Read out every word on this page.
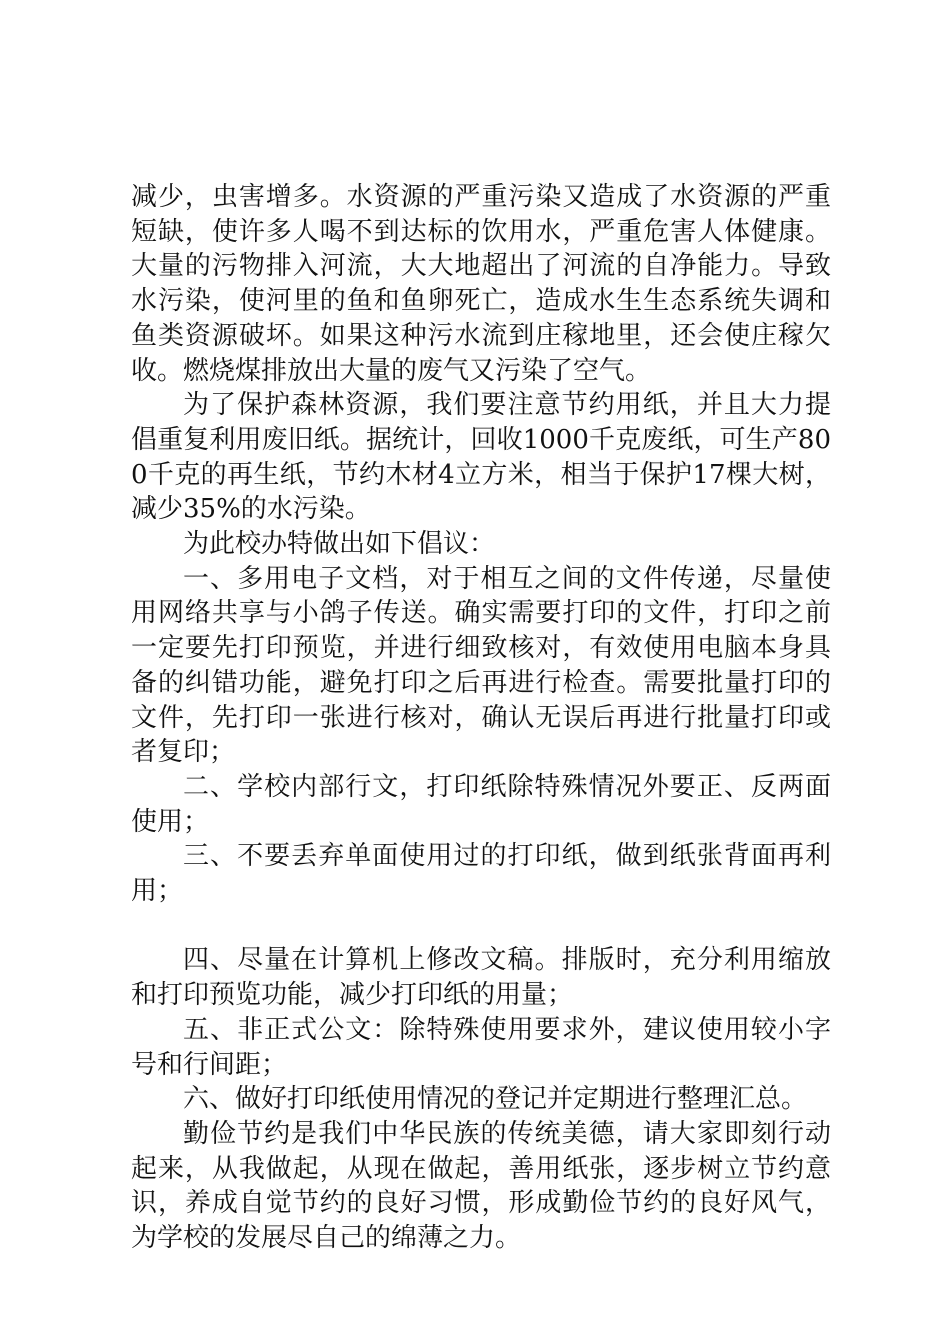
减少，虫害增多。水资源的严重污染又造成了水资源的严重短缺，使许多人喝不到达标的饮用水，严重危害人体健康。大量的污物排入河流，大大地超出了河流的自净能力。导致水污染，使河里的鱼和鱼卵死亡，造成水生生态系统失调和鱼类资源破坏。如果这种污水流到庄稼地里，还会使庄稼欠收。燃烧煤排放出大量的废气又污染了空气。

为了保护森林资源，我们要注意节约用纸，并且大力提倡重复利用废旧纸。据统计，回收1000千克废纸，可生产800千克的再生纸，节约木材4立方米，相当于保护17棵大树，减少35%的水污染。

为此校办特做出如下倡议：

一、多用电子文档，对于相互之间的文件传递，尽量使用网络共享与小鸽子传送。确实需要打印的文件，打印之前一定要先打印预览，并进行细致核对，有效使用电脑本身具备的纠错功能，避免打印之后再进行检查。需要批量打印的文件，先打印一张进行核对，确认无误后再进行批量打印或者复印；

二、学校内部行文，打印纸除特殊情况外要正、反两面使用；

三、不要丢弃单面使用过的打印纸，做到纸张背面再利用；

四、尽量在计算机上修改文稿。排版时，充分利用缩放和打印预览功能，减少打印纸的用量；

五、非正式公文：除特殊使用要求外，建议使用较小字号和行间距；

六、做好打印纸使用情况的登记并定期进行整理汇总。

勤俭节约是我们中华民族的传统美德，请大家即刻行动起来，从我做起，从现在做起，善用纸张，逐步树立节约意识，养成自觉节约的良好习惯，形成勤俭节约的良好风气，为学校的发展尽自己的绵薄之力。
